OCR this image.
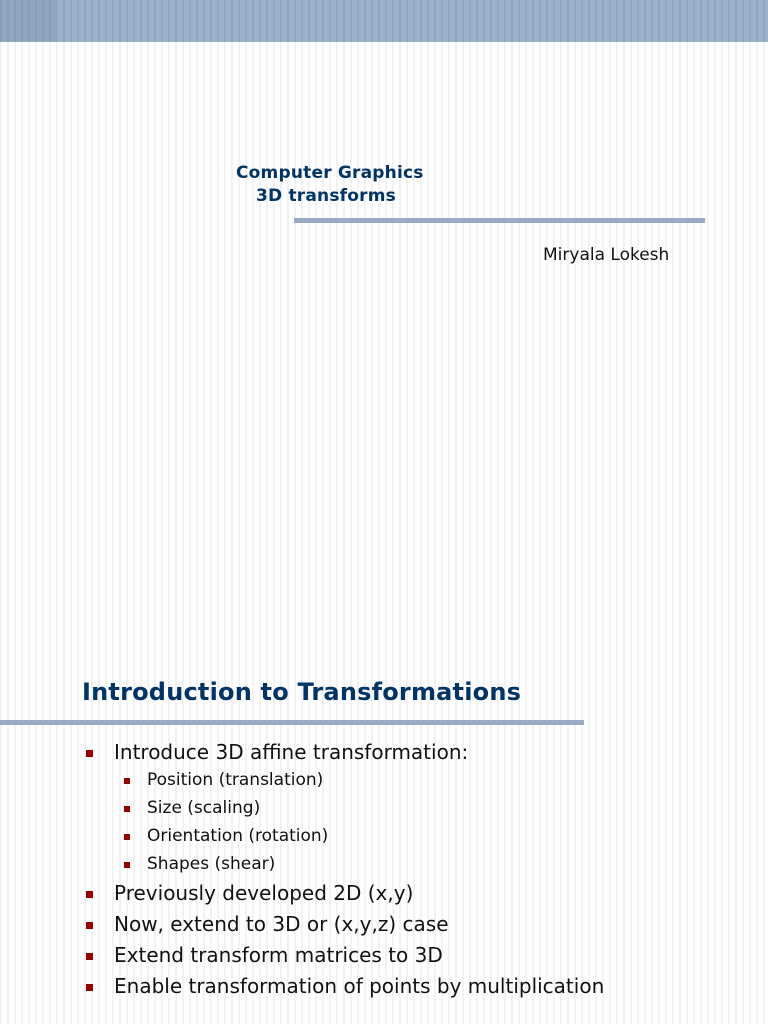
Computer Graphics
3D transforms
Miryala Lokesh
Introduction to Transformations
Introduce 3D affine transformation:
Position (translation)
Size (scaling)
Orientation (rotation)
Shapes (shear)
Previously developed 2D (x,y)
Now, extend to 3D or (x,y,z) case
Extend transform matrices to 3D
Enable transformation of points by multiplication
